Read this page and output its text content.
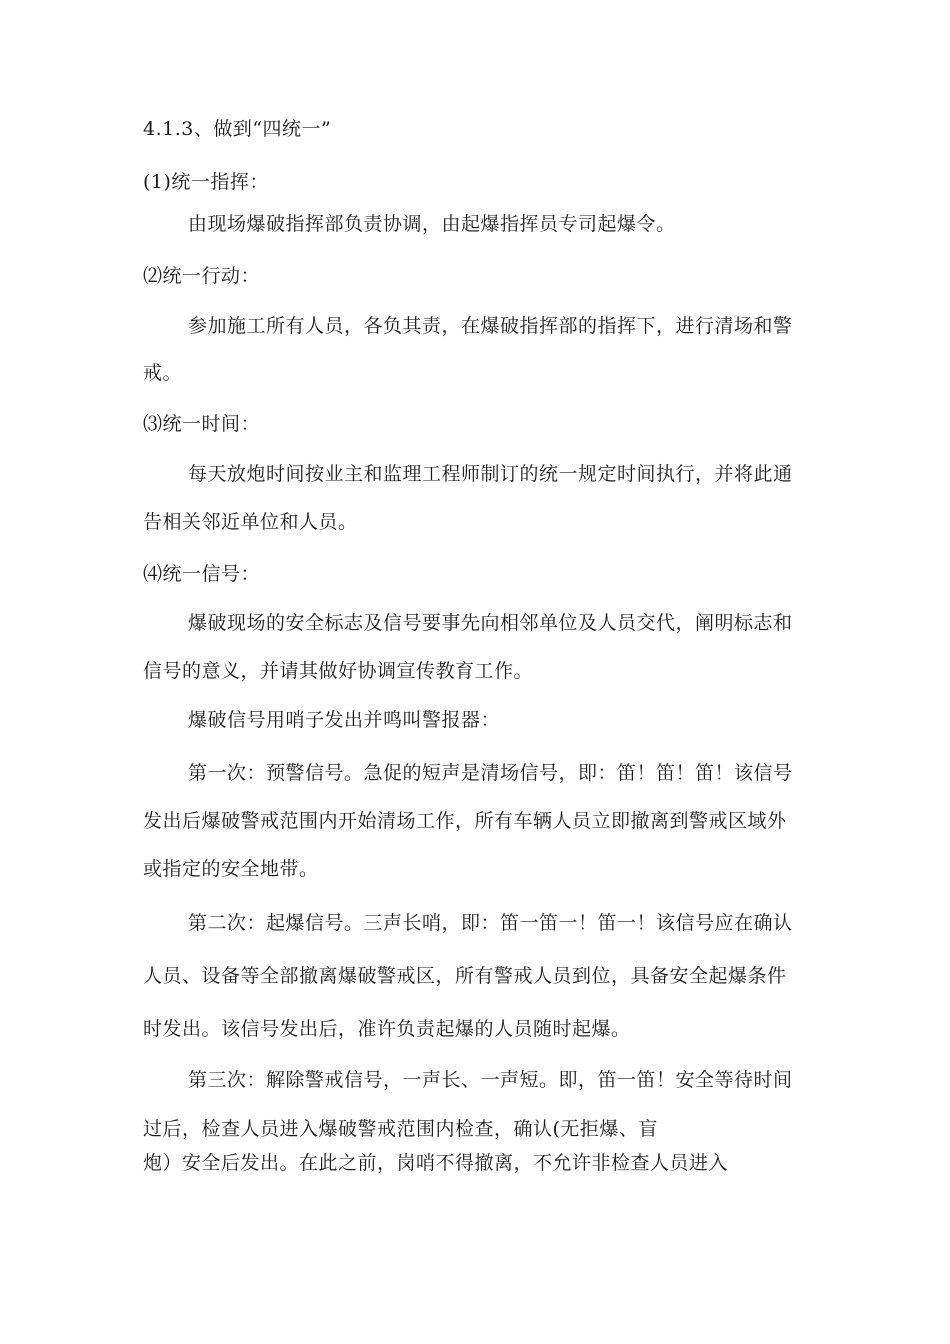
4.1.3、做到“四统一”
(1)统一指挥：
由现场爆破指挥部负责协调，由起爆指挥员专司起爆令。
⑵统一行动：
参加施工所有人员，各负其责，在爆破指挥部的指挥下，进行清场和警
戒。
⑶统一时间：
每天放炮时间按业主和监理工程师制订的统一规定时间执行，并将此通
告相关邻近单位和人员。
⑷统一信号：
爆破现场的安全标志及信号要事先向相邻单位及人员交代，阐明标志和
信号的意义，并请其做好协调宣传教育工作。
爆破信号用哨子发出并鸣叫警报器：
第一次：预警信号。急促的短声是清场信号，即：笛！笛！笛！该信号
发出后爆破警戒范围内开始清场工作，所有车辆人员立即撤离到警戒区域外
或指定的安全地带。
第二次：起爆信号。三声长哨，即：笛一笛一！笛一！该信号应在确认
人员、设备等全部撤离爆破警戒区，所有警戒人员到位，具备安全起爆条件
时发出。该信号发出后，准许负责起爆的人员随时起爆。
第三次：解除警戒信号，一声长、一声短。即，笛一笛！安全等待时间
过后，检查人员进入爆破警戒范围内检查，确认(无拒爆、盲
炮）安全后发出。在此之前，岗哨不得撤离，不允许非检查人员进入
